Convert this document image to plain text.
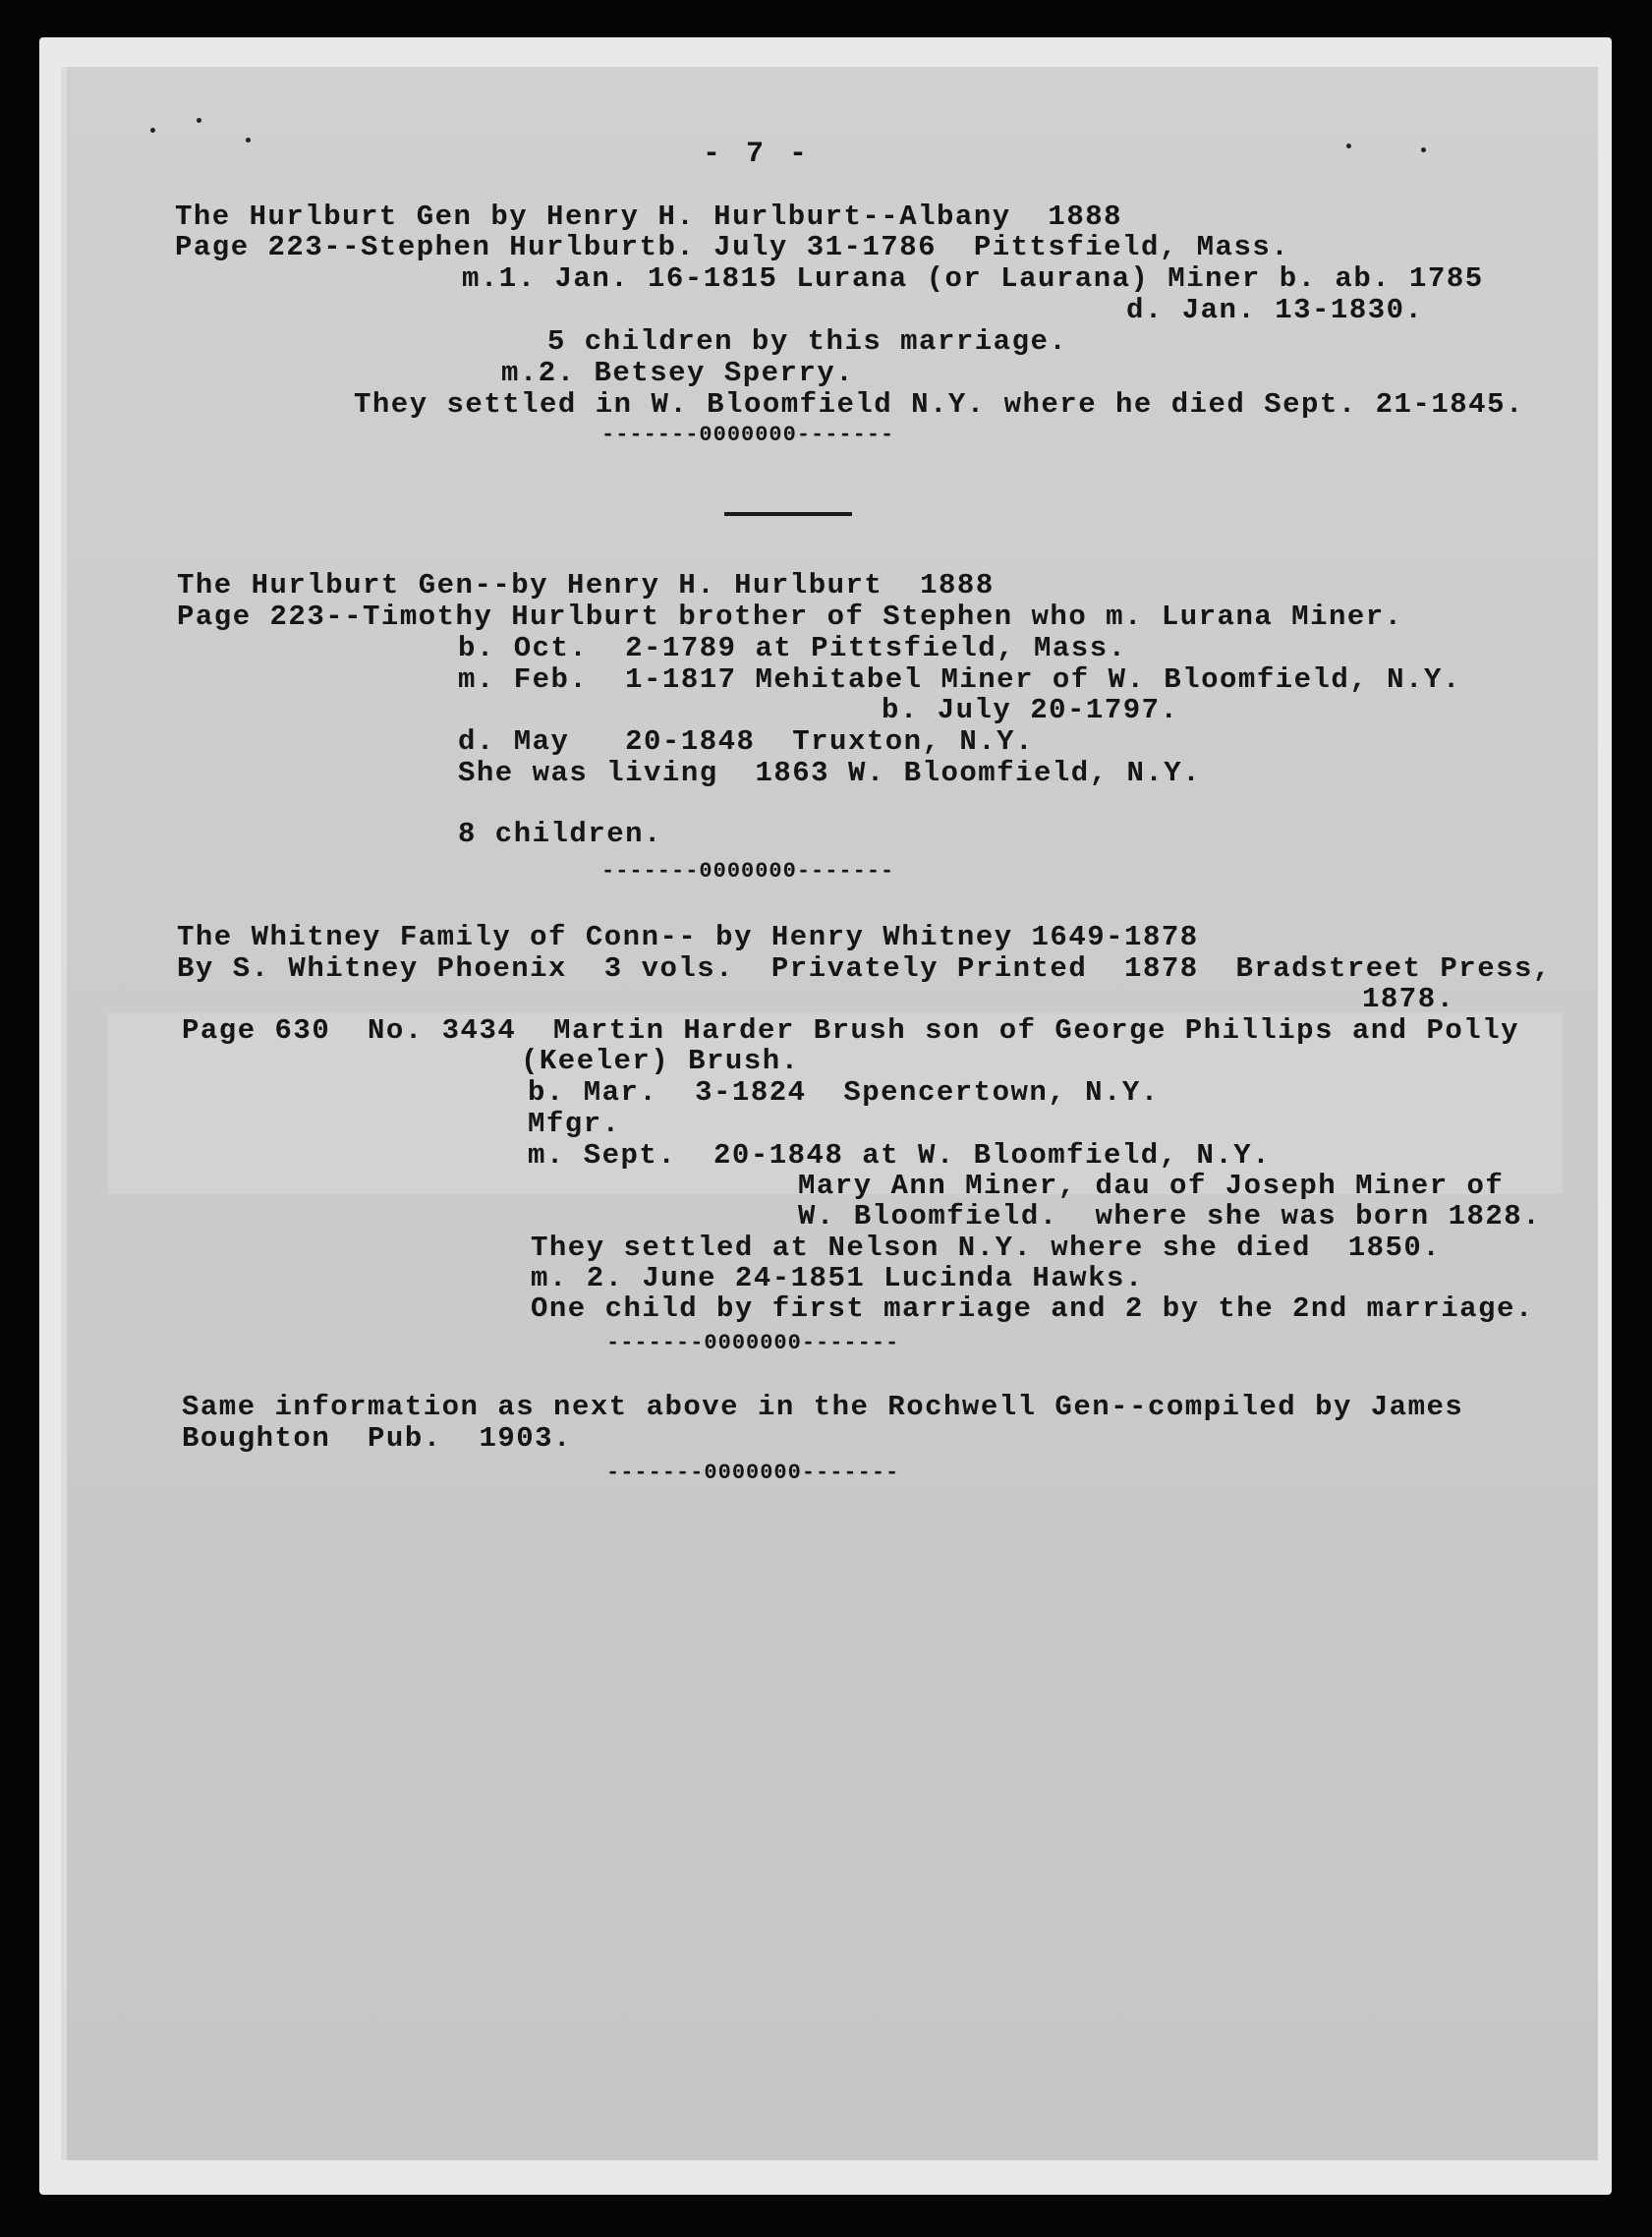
- 7 -
The Hurlburt Gen by Henry H. Hurlburt--Albany  1888
Page 223--Stephen Hurlburtb. July 31-1786  Pittsfield, Mass.
m.1. Jan. 16-1815 Lurana (or Laurana) Miner b. ab. 1785
d. Jan. 13-1830.
5 children by this marriage.
m.2. Betsey Sperry.
They settled in W. Bloomfield N.Y. where he died Sept. 21-1845.
-------0000000-------
The Hurlburt Gen--by Henry H. Hurlburt  1888
Page 223--Timothy Hurlburt brother of Stephen who m. Lurana Miner.
b. Oct.  2-1789 at Pittsfield, Mass.
m. Feb.  1-1817 Mehitabel Miner of W. Bloomfield, N.Y.
b. July 20-1797.
d. May   20-1848  Truxton, N.Y.
She was living  1863 W. Bloomfield, N.Y.
8 children.
-------0000000-------
The Whitney Family of Conn-- by Henry Whitney 1649-1878
By S. Whitney Phoenix  3 vols.  Privately Printed  1878  Bradstreet Press,
1878.
Page 630  No. 3434  Martin Harder Brush son of George Phillips and Polly
(Keeler) Brush.
b. Mar.  3-1824  Spencertown, N.Y.
Mfgr.
m. Sept.  20-1848 at W. Bloomfield, N.Y.
Mary Ann Miner, dau of Joseph Miner of
W. Bloomfield.  where she was born 1828.
They settled at Nelson N.Y. where she died  1850.
m. 2. June 24-1851 Lucinda Hawks.
One child by first marriage and 2 by the 2nd marriage.
-------0000000-------
Same information as next above in the Rochwell Gen--compiled by James
Boughton  Pub.  1903.
-------0000000-------
